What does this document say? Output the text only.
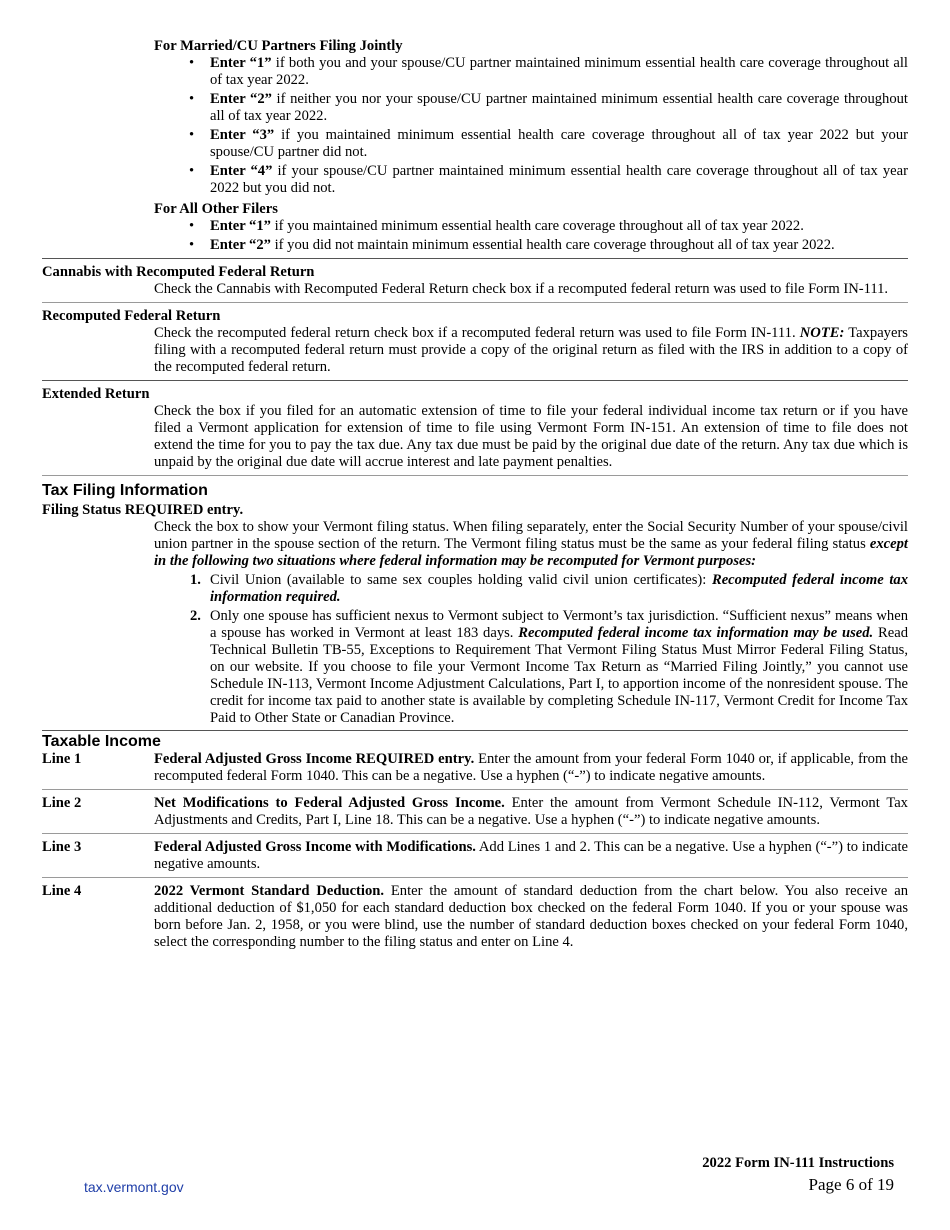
For Married/CU Partners Filing Jointly
• Enter “1” if both you and your spouse/CU partner maintained minimum essential health care coverage throughout all of tax year 2022.
• Enter “2” if neither you nor your spouse/CU partner maintained minimum essential health care coverage throughout all of tax year 2022.
• Enter “3” if you maintained minimum essential health care coverage throughout all of tax year 2022 but your spouse/CU partner did not.
• Enter “4” if your spouse/CU partner maintained minimum essential health care coverage throughout all of tax year 2022 but you did not.
For All Other Filers
• Enter “1” if you maintained minimum essential health care coverage throughout all of tax year 2022.
• Enter “2” if you did not maintain minimum essential health care coverage throughout all of tax year 2022.
Cannabis with Recomputed Federal Return
Check the Cannabis with Recomputed Federal Return check box if a recomputed federal return was used to file Form IN-111.
Recomputed Federal Return
Check the recomputed federal return check box if a recomputed federal return was used to file Form IN-111. NOTE: Taxpayers filing with a recomputed federal return must provide a copy of the original return as filed with the IRS in addition to a copy of the recomputed federal return.
Extended Return
Check the box if you filed for an automatic extension of time to file your federal individual income tax return or if you have filed a Vermont application for extension of time to file using Vermont Form IN-151. An extension of time to file does not extend the time for you to pay the tax due. Any tax due must be paid by the original due date of the return. Any tax due which is unpaid by the original due date will accrue interest and late payment penalties.
Tax Filing Information
Filing Status REQUIRED entry.
Check the box to show your Vermont filing status. When filing separately, enter the Social Security Number of your spouse/civil union partner in the spouse section of the return. The Vermont filing status must be the same as your federal filing status except in the following two situations where federal information may be recomputed for Vermont purposes:
1. Civil Union (available to same sex couples holding valid civil union certificates): Recomputed federal income tax information required.
2. Only one spouse has sufficient nexus to Vermont subject to Vermont’s tax jurisdiction. “Sufficient nexus” means when a spouse has worked in Vermont at least 183 days. Recomputed federal income tax information may be used. Read Technical Bulletin TB-55, Exceptions to Requirement That Vermont Filing Status Must Mirror Federal Filing Status, on our website. If you choose to file your Vermont Income Tax Return as “Married Filing Jointly,” you cannot use Schedule IN-113, Vermont Income Adjustment Calculations, Part I, to apportion income of the nonresident spouse. The credit for income tax paid to another state is available by completing Schedule IN-117, Vermont Credit for Income Tax Paid to Other State or Canadian Province.
Taxable Income
Line 1	Federal Adjusted Gross Income REQUIRED entry. Enter the amount from your federal Form 1040 or, if applicable, from the recomputed federal Form 1040. This can be a negative. Use a hyphen (“-”) to indicate negative amounts.
Line 2	Net Modifications to Federal Adjusted Gross Income. Enter the amount from Vermont Schedule IN-112, Vermont Tax Adjustments and Credits, Part I, Line 18. This can be a negative. Use a hyphen (“-”) to indicate negative amounts.
Line 3	Federal Adjusted Gross Income with Modifications. Add Lines 1 and 2. This can be a negative. Use a hyphen (“-”) to indicate negative amounts.
Line 4	2022 Vermont Standard Deduction. Enter the amount of standard deduction from the chart below. You also receive an additional deduction of $1,050 for each standard deduction box checked on the federal Form 1040. If you or your spouse was born before Jan. 2, 1958, or you were blind, use the number of standard deduction boxes checked on your federal Form 1040, select the corresponding number to the filing status and enter on Line 4.
2022 Form IN-111 Instructions
Page 6 of 19
tax.vermont.gov
